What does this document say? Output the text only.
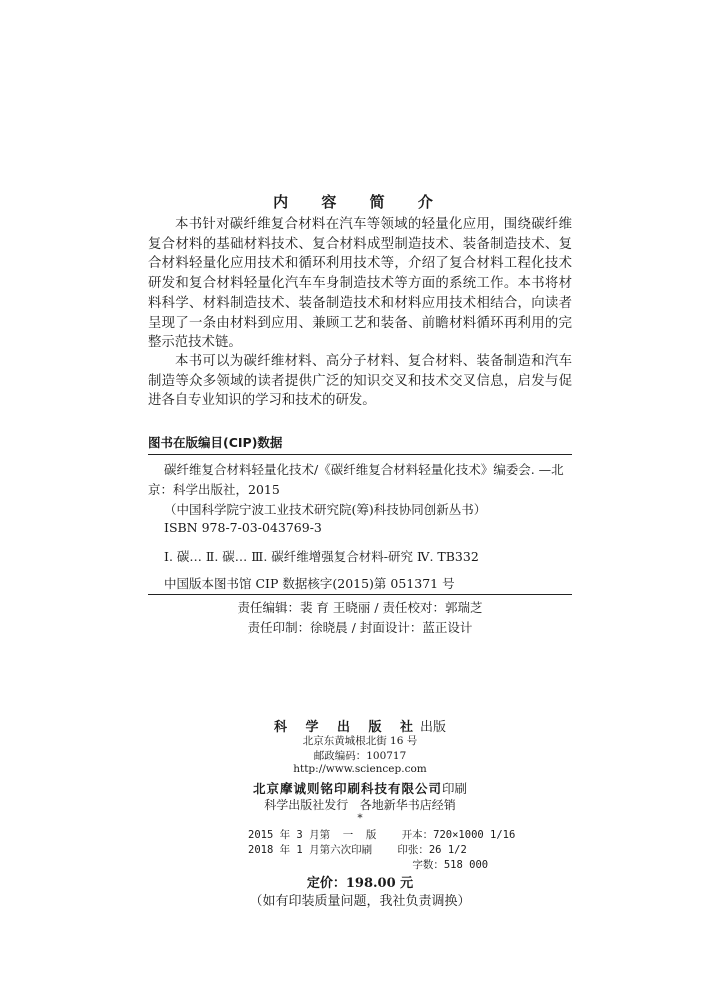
内 容 简 介

本书针对碳纤维复合材料在汽车等领域的轻量化应用，围绕碳纤维复合材料的基础材料技术、复合材料成型制造技术、装备制造技术、复合材料轻量化应用技术和循环利用技术等，介绍了复合材料工程化技术研发和复合材料轻量化汽车车身制造技术等方面的系统工作。本书将材料科学、材料制造技术、装备制造技术和材料应用技术相结合，向读者呈现了一条由材料到应用、兼顾工艺和装备、前瞻材料循环再利用的完整示范技术链。

本书可以为碳纤维材料、高分子材料、复合材料、装备制造和汽车制造等众多领域的读者提供广泛的知识交叉和技术交叉信息，启发与促进各自专业知识的学习和技术的研发。

图书在版编目(CIP)数据
碳纤维复合材料轻量化技术/《碳纤维复合材料轻量化技术》编委会. —北
京：科学出版社，2015
（中国科学院宁波工业技术研究院(筹)科技协同创新丛书）
ISBN 978-7-03-043769-3
Ⅰ. 碳… Ⅱ. 碳… Ⅲ. 碳纤维增强复合材料-研究 Ⅳ. TB332
中国版本图书馆 CIP 数据核字(2015)第 051371 号
责任编辑：裴 育 王晓丽 / 责任校对：郭瑞芝
责任印制：徐晓晨 / 封面设计：蓝正设计
科 学 出 版 社出版
北京东黄城根北街 16 号
邮政编码：100717
http://www.sciencep.com
北京摩诚则铭印刷科技有限公司印刷
科学出版社发行   各地新华书店经销
*
2015 年 3 月第  一  版    开本：720×1000 1/16
2018 年 1 月第六次印刷    印张：26 1/2
字数：518 000
定价：198.00 元
（如有印装质量问题，我社负责调换）
